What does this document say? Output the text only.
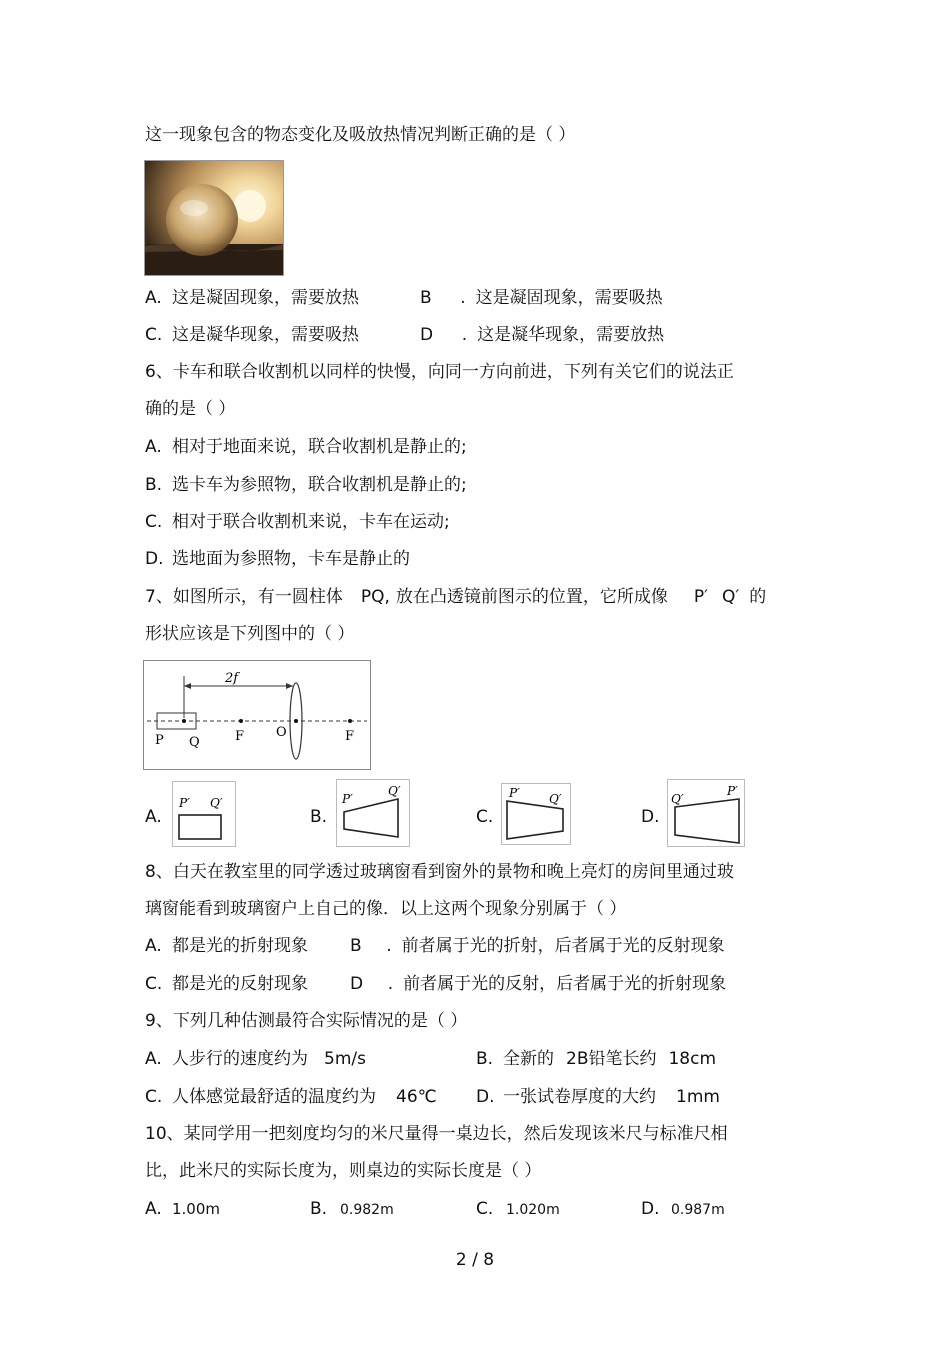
这一现象包含的物态变化及吸放热情况判断正确的是（ ）
A. 这是凝固现象，需要放热	B . 这是凝固现象，需要吸热
C. 这是凝华现象，需要吸热	D . 这是凝华现象，需要放热
6、卡车和联合收割机以同样的快慢，向同一方向前进，下列有关它们的说法正
确的是（ ）
A. 相对于地面来说，联合收割机是静止的;
B. 选卡车为参照物，联合收割机是静止的;
C. 相对于联合收割机来说，卡车在运动;
D. 选地面为参照物，卡车是静止的
7、如图所示，有一圆柱体 PQ, 放在凸透镜前图示的位置，它所成像 P′ Q′ 的
形状应该是下列图中的（ ）
2f
P Q	F O	F
A.
P′ Q′
B.
P′
Q′
C.
P′ Q′
D.
Q′
P′
8、白天在教室里的同学透过玻璃窗看到窗外的景物和晚上亮灯的房间里通过玻
璃窗能看到玻璃窗户上自己的像．以上这两个现象分别属于（ ）
A. 都是光的折射现象 B . 前者属于光的折射，后者属于光的反射现象
C. 都是光的反射现象 D . 前者属于光的反射，后者属于光的折射现象
9、下列几种估测最符合实际情况的是（ ）
A. 人步行的速度约为 5m/s	B. 全新的 2B铅笔长约 18cm
C. 人体感觉最舒适的温度约为 46℃ D. 一张试卷厚度的大约 1mm
10、某同学用一把刻度均匀的米尺量得一桌边长，然后发现该米尺与标准尺相
比，此米尺的实际长度为，则桌边的实际长度是（ ）
A. 1.00m	B. 0.982m	C. 1.020m	D. 0.987m
2 / 8
